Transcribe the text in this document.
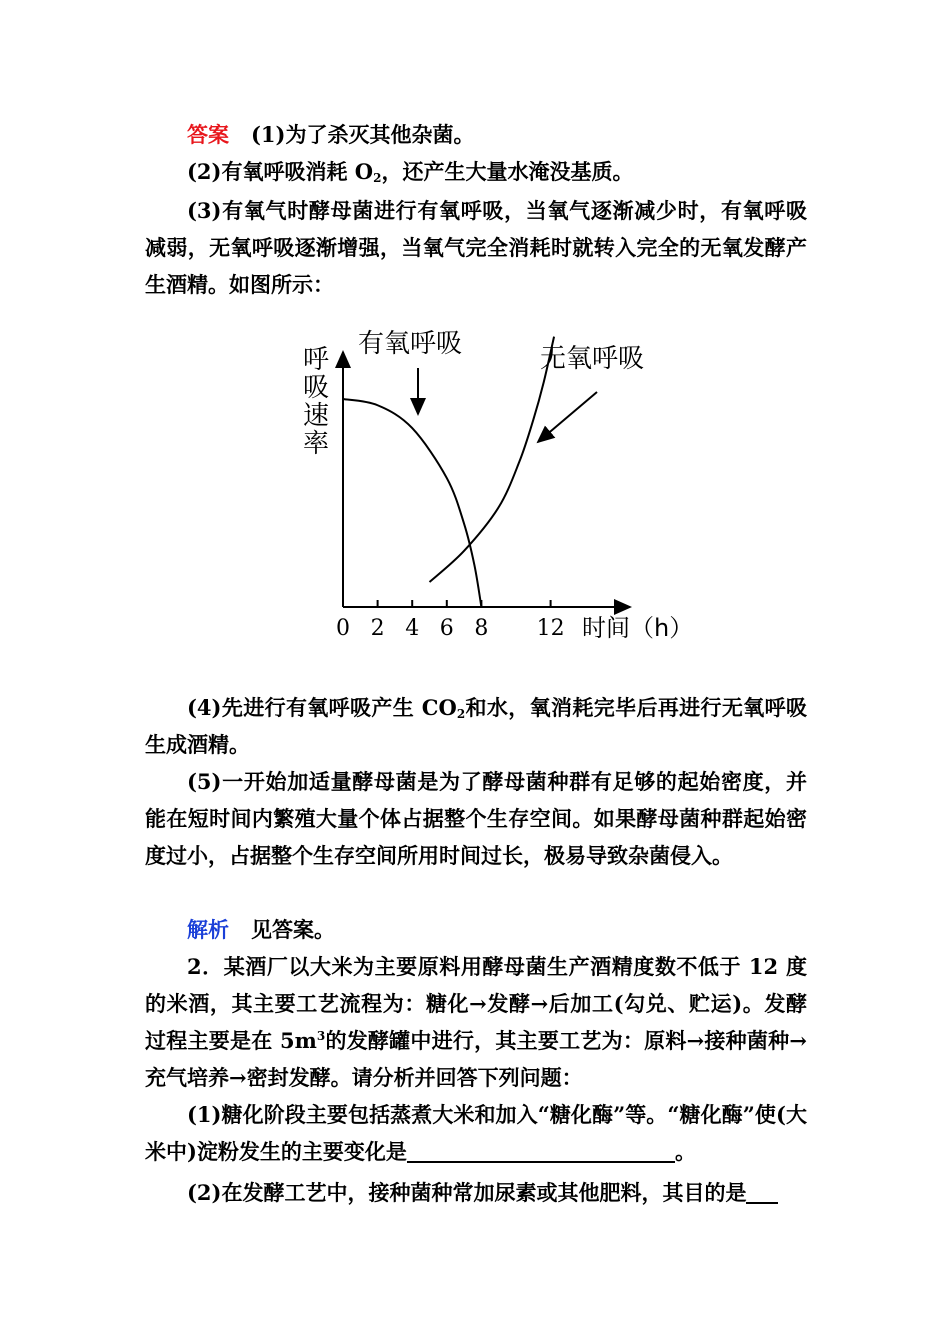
答案 (1)为了杀灭其他杂菌。

(2)有氧呼吸消耗 $O_2$，还产生大量水淹没基质。

(3)有氧气时酵母菌进行有氧呼吸，当氧气逐渐减少时，有氧呼吸减弱，无氧呼吸逐渐增强，当氧气完全消耗时就转入完全的无氧发酵产生酒精。如图所示：

0 2 4 6 8 12
呼吸速率
时间（h）
有氧呼吸	无氧呼吸

(4)先进行有氧呼吸产生 $CO_2$和水，氧消耗完毕后再进行无氧呼吸生成酒精。

(5)一开始加适量酵母菌是为了酵母菌种群有足够的起始密度，并能在短时间内繁殖大量个体占据整个生存空间。如果酵母菌种群起始密度过小，占据整个生存空间所用时间过长，极易导致杂菌侵入。

解析 见答案。

2．某酒厂以大米为主要原料用酵母菌生产酒精度数不低于 12 度的米酒，其主要工艺流程为：糖化→发酵→后加工(勾兑、贮运)。发酵过程主要是在 $5m^3$的发酵罐中进行，其主要工艺为：原料→接种菌种→充气培养→密封发酵。请分析并回答下列问题：

(1)糖化阶段主要包括蒸煮大米和加入“糖化酶”等。“糖化酶”使(大米中)淀粉发生的主要变化是	。

(2)在发酵工艺中，接种菌种常加尿素或其他肥料，其目的是
